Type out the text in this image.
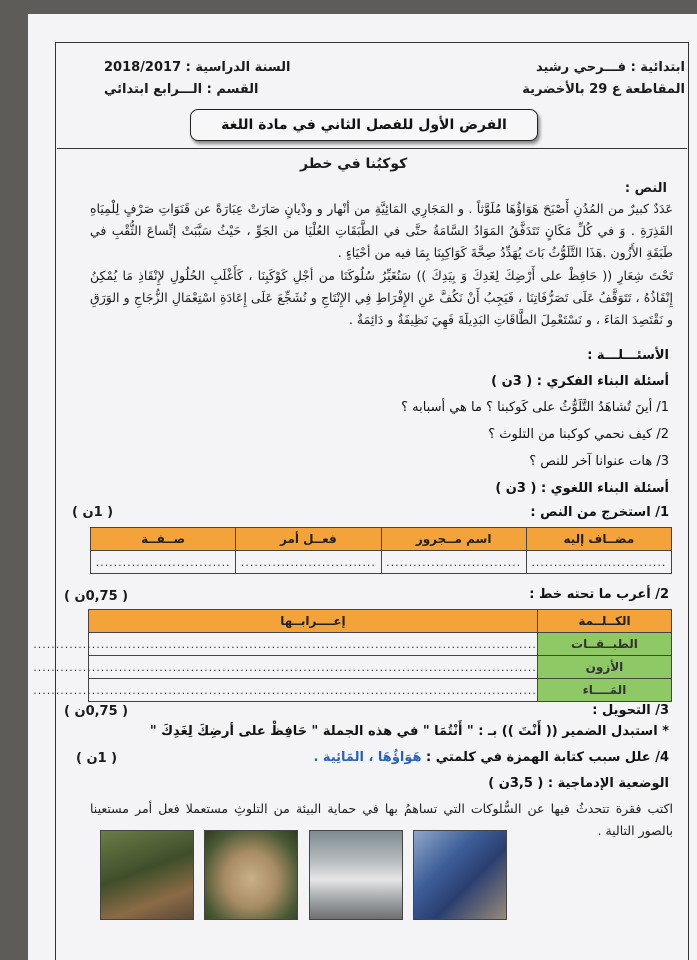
ابتدائية : فـــرحي رشيد
المقاطعة ع 29 بالأخضرية
السنة الدراسية : 2018/2017
القسم : الـــرابع ابتدائي
الفرض الأول للفصل الثاني في مادة اللغة
كوكبُنا في خطر
النص :
عَدَدٌ كبيرٌ من المُدُنِ أَصْبَحَ هَوَاؤُهَا مُلَوَّثاً . و المَجَارِي المَائِيَّةِ من أنْهار و ودْيانٍ صَارَتْ عِبَارَةً عن قَنَوَاتِ صَرْفٍ لِلْمِيَاهِ القَذِرَةِ . وَ في كُلِّ مَكَانٍ تَتَدَفَّقُ المَوَادُ السَّامَةُ حتَّى في الطَّبَقَاتِ العُلْيَا من الجَوِّ ، حَيْثُ سَبَّبَتْ إتِّساعَ الثُّقْبِ في طَبَقَةِ الأَزُون .هَذَا التَّلَوُّثُ بَاتَ يُهَدِّدُ صِحَّةَ كَوَاكِبِنَا بِمَا فيه من أحْيَاءٍ .
تَحْتَ شِعَارِ (( حَافِظْ على أَرْضِكَ لِغَدِكَ وَ بِيَدِكَ )) سَنُغَيِّرُ سُلُوكَنَا من أجْلِ كَوْكَبِنَا ، كَأَغْلَبِ الحُلُولِ لإِنْقَاذِ مَا يُمْكِنُ إِنْقَاذُهُ ، تَتَوَقَّفُ عَلَى تَصَرُّفَاتِنَا ، فَيَجِبُ أَنْ نَكُفَّ عَنِ الإِفْرَاطِ فِي الإِنْتَاجِ و نُشَجِّعَ عَلَى إِعَادَةِ اسْتِعْمَالِ الزُّجَاجِ و الوَرَقِ و نَقْتَصِدَ المَاءَ ، و نَسْتَعْمِلَ الطَّاقَاتِ البَدِيلَةَ فَهِيَ نَظِيفَةٌ و دَائِمَةٌ .
الأسئـــلـــة :
أسئلة البناء الفكري : ( 3ن )
1/ أينَ تُشاهَدُ التَّلَوُّثُ على كَوكبنا ؟ ما هي أسبابه ؟
2/ كيف نحمي كوكبنا من التلوث ؟
3/ هات عنوانا آخر للنص ؟
أسئلة البناء اللغوي : ( 3ن )
1/ استخرج من النص :
( 1ن )
مضــاف إليه	اسم مــجرور	فعــل أمر	صــفــة
..............................	..............................	..............................	..............................
2/ أعرب ما تحته خط :
( 0,75ن )
الكــلــمة	إعــــرابــها
الطبــقــات	................................................................................................................
الأزون	................................................................................................................
المَــــاء	................................................................................................................
3/ التحويل :
( 0,75ن )
* استبدل الضمير (( أَنْتَ )) بـ : " أَنْتُمَا " في هذه الجملة " حَافِظْ على أرضِكَ لِغَدِكَ "
4/ علل سبب كتابة الهمزة في كلمتي : هَوَاؤُهَا ، المَائِية .
( 1ن )
الوضعية الإدماجية : ( 3,5ن )
اكتب فقرة تتحدثُ فيها عن السُّلوكات التي تساهمُ بها في حماية البيئة من التلوثِ مستعملا فعل أمر مستعينا بالصور التالية .
